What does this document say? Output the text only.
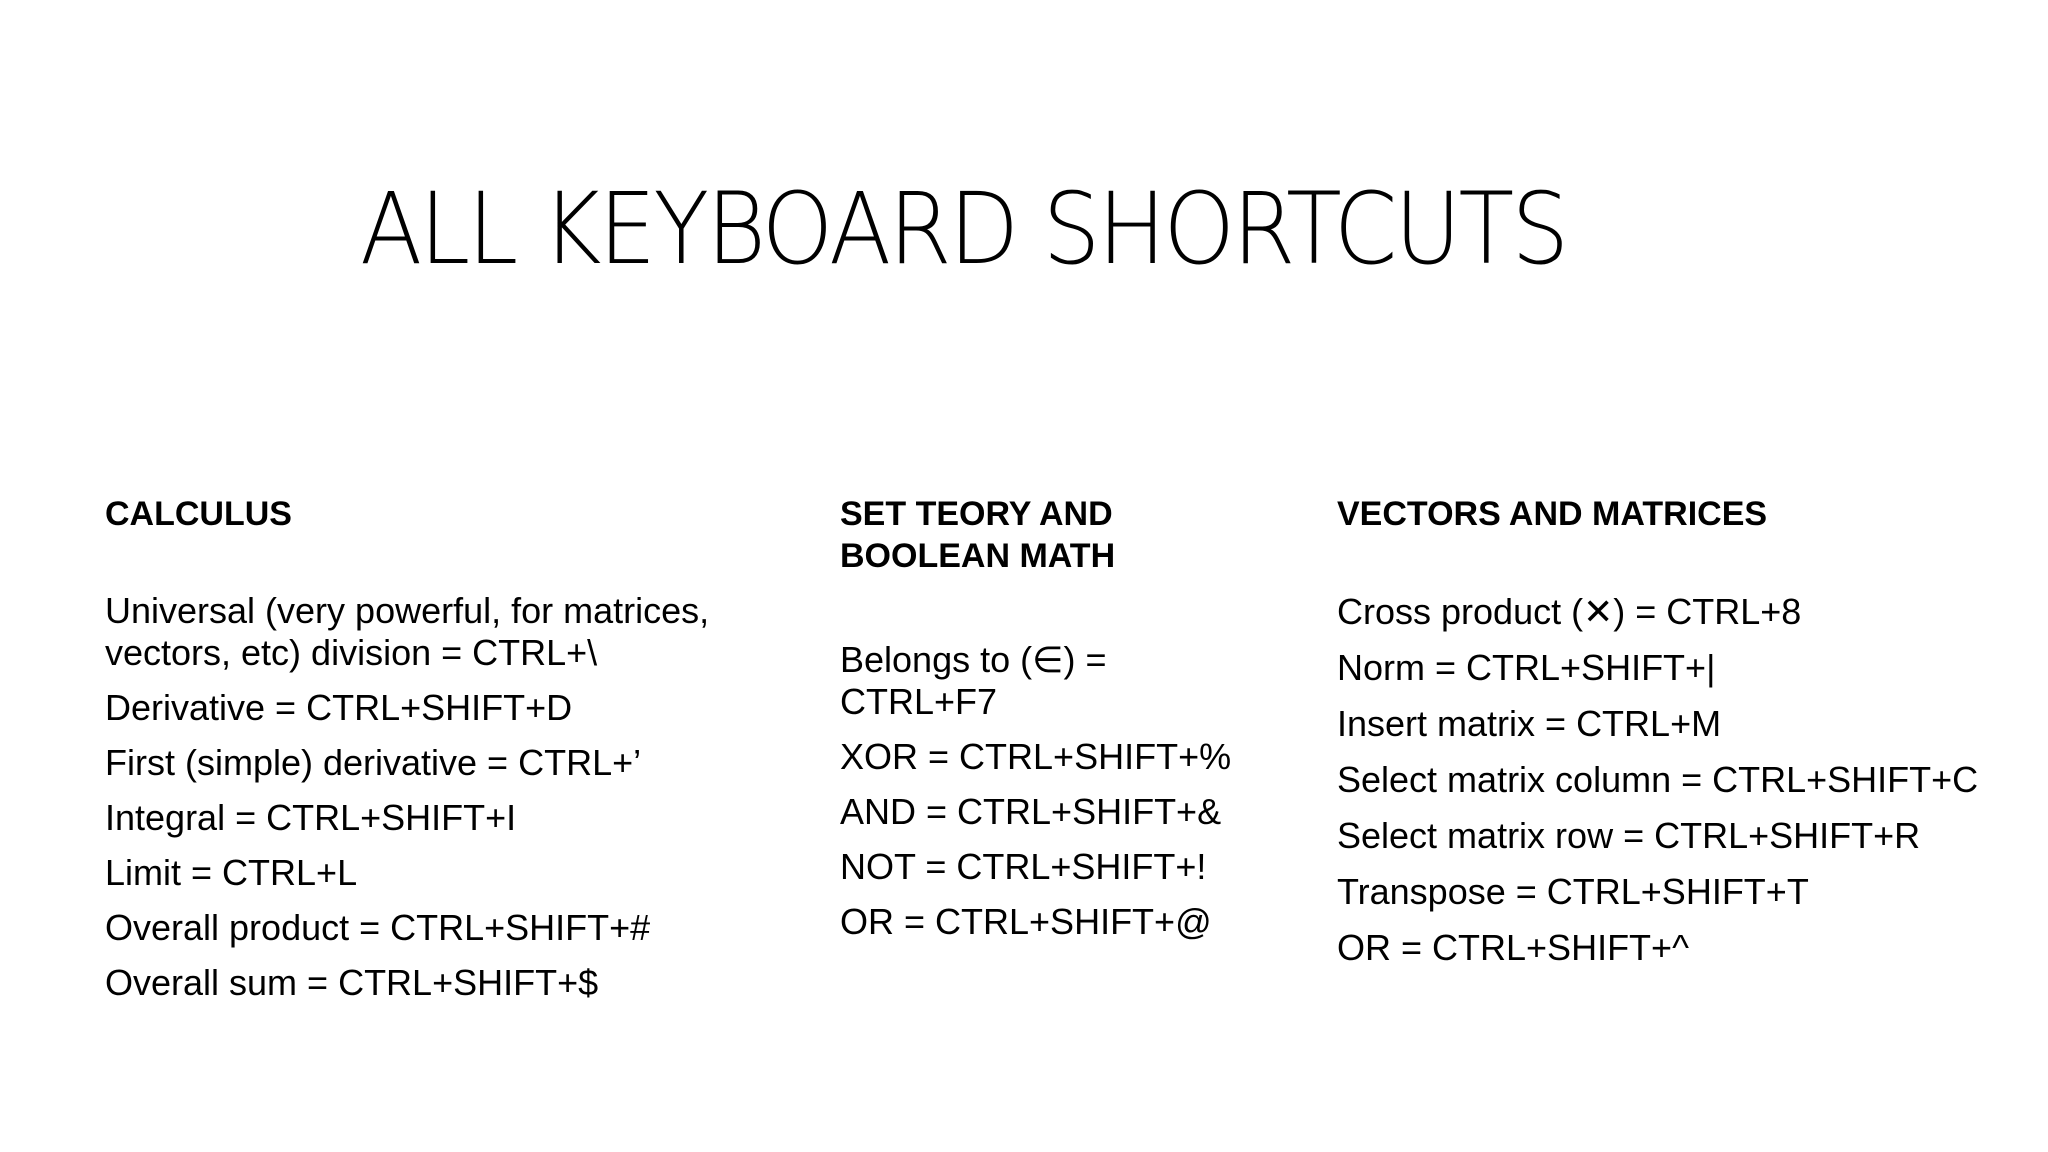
ALL KEYBOARD SHORTCUTS
CALCULUS
Universal (very powerful, for matrices, vectors, etc) division = CTRL+\
Derivative = CTRL+SHIFT+D
First (simple) derivative = CTRL+’
Integral = CTRL+SHIFT+I
Limit = CTRL+L
Overall product = CTRL+SHIFT+#
Overall sum = CTRL+SHIFT+$
SET TEORY AND BOOLEAN MATH
Belongs to (∈) = CTRL+F7
XOR = CTRL+SHIFT+%
AND = CTRL+SHIFT+&
NOT = CTRL+SHIFT+!
OR = CTRL+SHIFT+@
VECTORS AND MATRICES
Cross product (✕) = CTRL+8
Norm = CTRL+SHIFT+|
Insert matrix = CTRL+M
Select matrix column = CTRL+SHIFT+C
Select matrix row = CTRL+SHIFT+R
Transpose = CTRL+SHIFT+T
OR = CTRL+SHIFT+^
